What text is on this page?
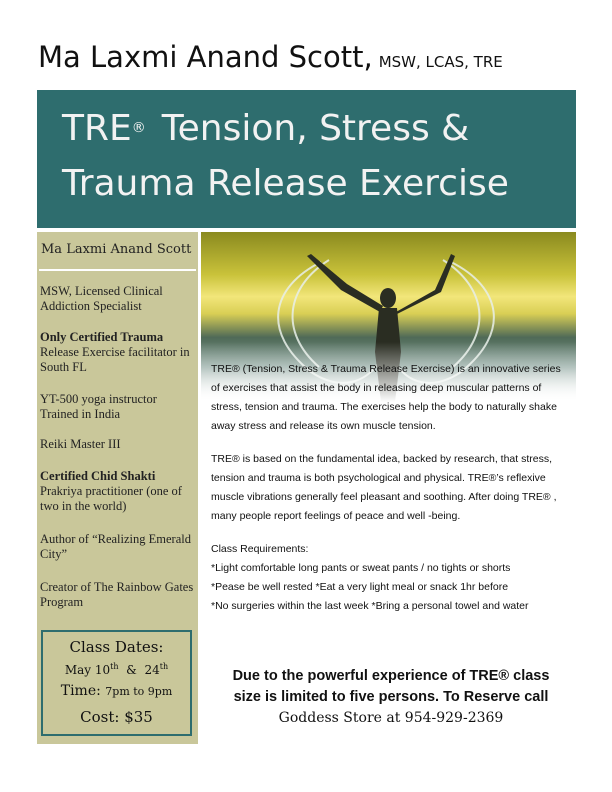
Ma Laxmi Anand Scott, MSW, LCAS, TRE
TRE® Tension, Stress &
Trauma Release Exercise
Ma Laxmi Anand Scott
MSW, Licensed Clinical Addiction Specialist
Only Certified Trauma
Release Exercise facilitator in South FL
YT-500 yoga instructor Trained in India
Reiki Master III
Certified Chid Shakti
Prakriya practitioner (one of two in the world)
Author of “Realizing Emerald City”
Creator of The Rainbow Gates Program
Class Dates:
May 10th  &  24th
Time: 7pm to 9pm
Cost: $35

TRE® (Tension, Stress & Trauma Release Exercise) is an innovative series of exercises that assist the body in releasing deep muscular patterns of stress, tension and trauma. The exercises help the body to naturally shake away stress and release its own muscle tension.

TRE® is based on the fundamental idea, backed by research, that stress, tension and trauma is both psychological and physical. TRE®’s reflexive muscle vibrations generally feel pleasant and soothing. After doing TRE® , many people report feelings of peace and well -being.

Class Requirements:
*Light comfortable long pants or sweat pants / no tights or shorts
*Pease be well rested *Eat a very light meal or snack 1hr before
*No surgeries within the last week *Bring a personal towel and water
Due to the powerful experience of TRE® class
size is limited to five persons. To Reserve call
Goddess Store at 954-929-2369
